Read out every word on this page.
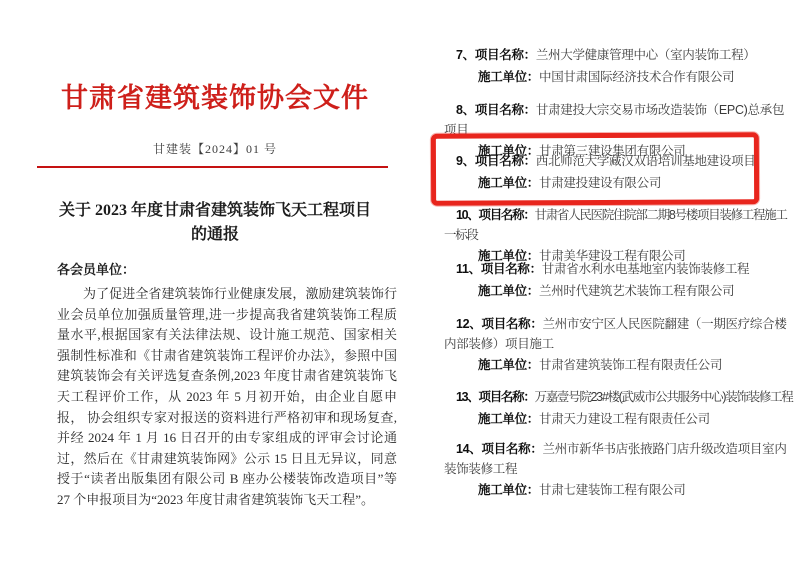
甘肃省建筑装饰协会文件
甘建装【2024】01 号
关于 2023 年度甘肃省建筑装饰飞天工程项目
的通报
各会员单位：
为了促进全省建筑装饰行业健康发展，激励建筑装饰行业会员单位加强质量管理,进一步提高我省建筑装饰工程质量水平,根据国家有关法律法规、设计施工规范、国家相关强制性标准和《甘肃省建筑装饰工程评价办法》，参照中国建筑装饰会有关评选复查条例,2023 年度甘肃省建筑装饰飞天工程评价工作，从 2023 年 5 月初开始，由企业自愿申报， 协会组织专家对报送的资料进行严格初审和现场复查,并经 2024 年 1 月 16 日召开的由专家组成的评审会讨论通过，然后在《甘肃建筑装饰网》公示 15 日且无异议，同意授于“读者出版集团有限公司 B 座办公楼装饰改造项目”等 27 个申报项目为“2023 年度甘肃省建筑装饰飞天工程”。
7、项目名称：兰州大学健康管理中心（室内装饰工程）
施工单位：中国甘肃国际经济技术合作有限公司
8、项目名称：甘肃建投大宗交易市场改造装饰（EPC)总承包项目
施工单位：甘肃第三建设集团有限公司
9、项目名称：西北师范大学藏汉双语培训基地建设项目
施工单位：甘肃建投建设有限公司
10、项目名称：甘肃省人民医院住院部二期8号楼项目装修工程施工一标段
施工单位：甘肃美华建设工程有限公司
11、项目名称：甘肃省水利水电基地室内装饰装修工程
施工单位：兰州时代建筑艺术装饰工程有限公司
12、项目名称：兰州市安宁区人民医院翻建（一期医疗综合楼内部装修）项目施工
施工单位：甘肃省建筑装饰工程有限责任公司
13、项目名称：万嘉壹号院23#楼(武威市公共服务中心)装饰装修工程
施工单位：甘肃天力建设工程有限责任公司
14、项目名称：兰州市新华书店张掖路门店升级改造项目室内装饰装修工程
施工单位：甘肃七建装饰工程有限公司
